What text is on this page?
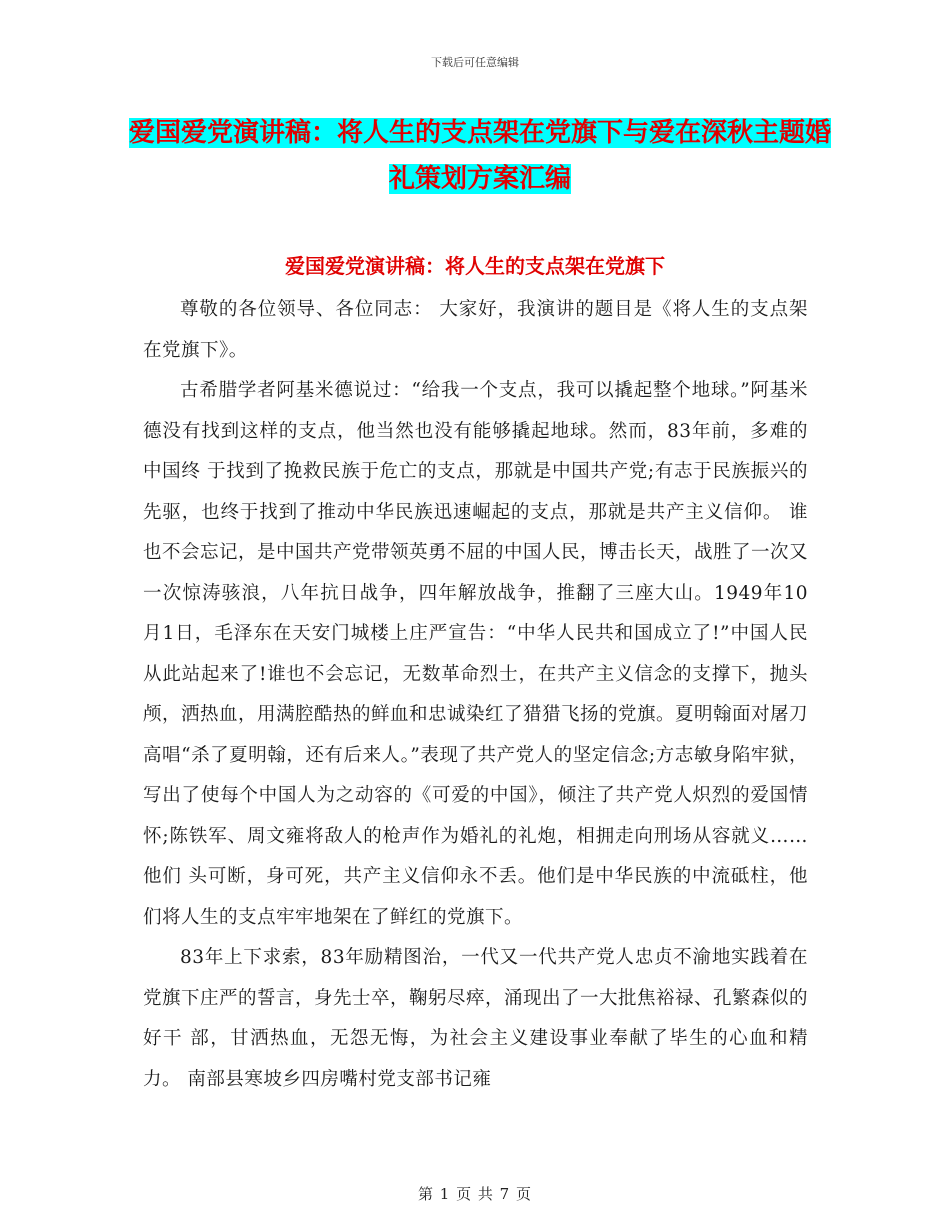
下载后可任意编辑
爱国爱党演讲稿：将人生的支点架在党旗下与爱在深秋主题婚礼策划方案汇编
爱国爱党演讲稿：将人生的支点架在党旗下

尊敬的各位领导、各位同志： 大家好，我演讲的题目是《将人生的支点架在党旗下》。

古希腊学者阿基米德说过：“给我一个支点，我可以撬起整个地球。”阿基米德没有找到这样的支点，他当然也没有能够撬起地球。然而，83年前，多难的中国终 于找到了挽救民族于危亡的支点，那就是中国共产党;有志于民族振兴的先驱，也终于找到了推动中华民族迅速崛起的支点，那就是共产主义信仰。 谁也不会忘记，是中国共产党带领英勇不屈的中国人民，博击长天，战胜了一次又一次惊涛骇浪，八年抗日战争，四年解放战争，推翻了三座大山。1949年10 月1日，毛泽东在天安门城楼上庄严宣告：“中华人民共和国成立了!”中国人民从此站起来了!谁也不会忘记，无数革命烈士，在共产主义信念的支撑下，抛头 颅，洒热血，用满腔酷热的鲜血和忠诚染红了猎猎飞扬的党旗。夏明翰面对屠刀高唱“杀了夏明翰，还有后来人。”表现了共产党人的坚定信念;方志敏身陷牢狱， 写出了使每个中国人为之动容的《可爱的中国》，倾注了共产党人炽烈的爱国情怀;陈铁军、周文雍将敌人的枪声作为婚礼的礼炮，相拥走向刑场从容就义……他们 头可断，身可死，共产主义信仰永不丢。他们是中华民族的中流砥柱，他们将人生的支点牢牢地架在了鲜红的党旗下。

83年上下求索，83年励精图治，一代又一代共产党人忠贞不渝地实践着在党旗下庄严的誓言，身先士卒，鞠躬尽瘁，涌现出了一大批焦裕禄、孔繁森似的好干 部，甘洒热血，无怨无悔，为社会主义建设事业奉献了毕生的心血和精力。 南部县寒坡乡四房嘴村党支部书记雍

第 1 页 共 7 页
